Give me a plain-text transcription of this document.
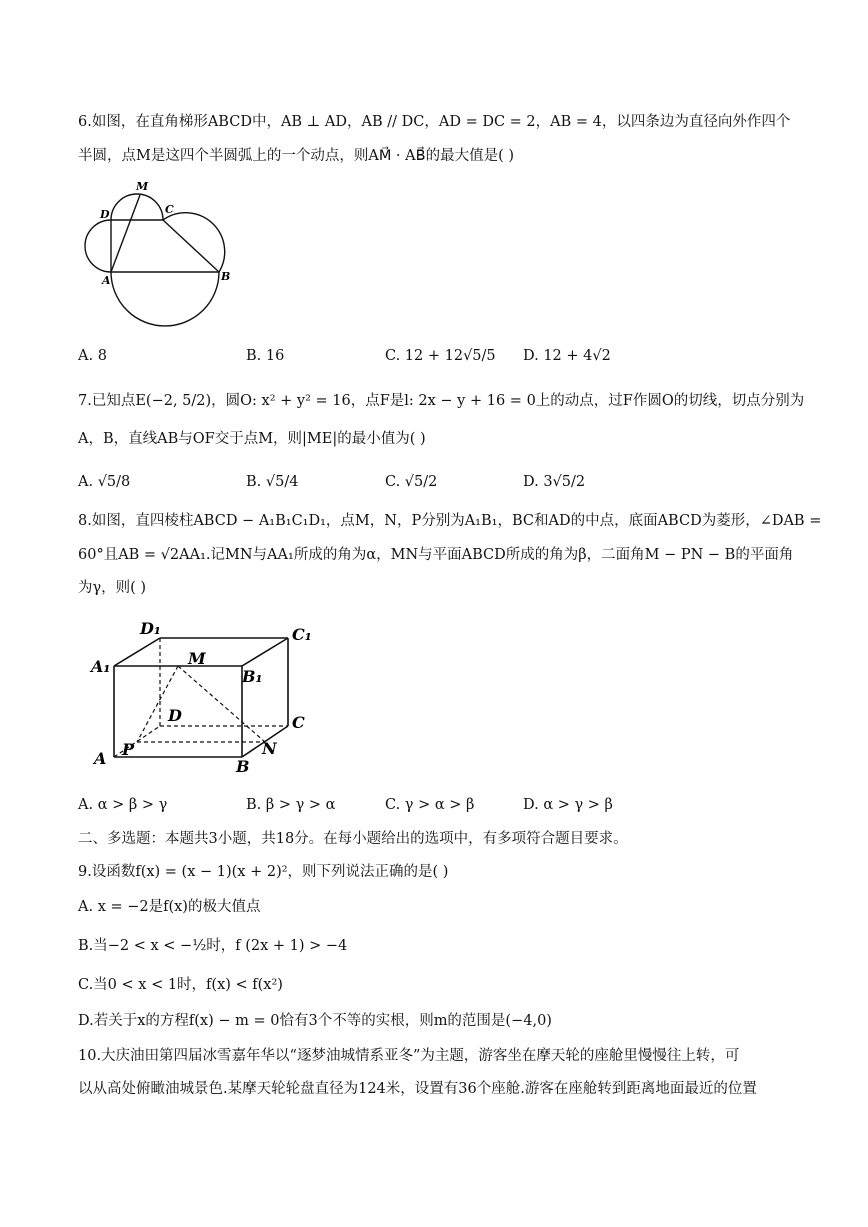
6.如图，在直角梯形ABCD中，AB ⊥ AD，AB // DC，AD = DC = 2，AB = 4，以四条边为直径向外作四个
半圆，点M是这四个半圆弧上的一个动点，则AM⃗ · AB⃗的最大值是( )
M
D	C
A	B
A. 8	B. 16	C. 12 + 12√5/5 D. 12 + 4√2
7.已知点E(−2, 5/2)，圆O: x² + y² = 16，点F是l: 2x − y + 16 = 0上的动点，过F作圆O的切线，切点分别为
A，B，直线AB与OF交于点M，则|ME|的最小值为( )
A. √5/8	B. √5/4	C. √5/2	D. 3√5/2
8.如图，直四棱柱ABCD − A₁B₁C₁D₁，点M，N，P分别为A₁B₁，BC和AD的中点，底面ABCD为菱形，∠DAB =
60°且AB = √2AA₁.记MN与AA₁所成的角为α，MN与平面ABCD所成的角为β，二面角M − PN − B的平面角
为γ，则( )
D₁	C₁
A₁	M
B₁
D	C
A P	N
B
A. α > β > γ	B. β > γ > α	C. γ > α > β	D. α > γ > β
二、多选题：本题共3小题，共18分。在每小题给出的选项中，有多项符合题目要求。
9.设函数f(x) = (x − 1)(x + 2)²，则下列说法正确的是( )
A. x = −2是f(x)的极大值点
B.当−2 < x < −½时，f (2x + 1) > −4
C.当0 < x < 1时，f(x) < f(x²)
D.若关于x的方程f(x) − m = 0恰有3个不等的实根，则m的范围是(−4,0)
10.大庆油田第四届冰雪嘉年华以“逐梦油城情系亚冬”为主题，游客坐在摩天轮的座舱里慢慢往上转，可
以从高处俯瞰油城景色.某摩天轮轮盘直径为124米，设置有36个座舱.游客在座舱转到距离地面最近的位置
